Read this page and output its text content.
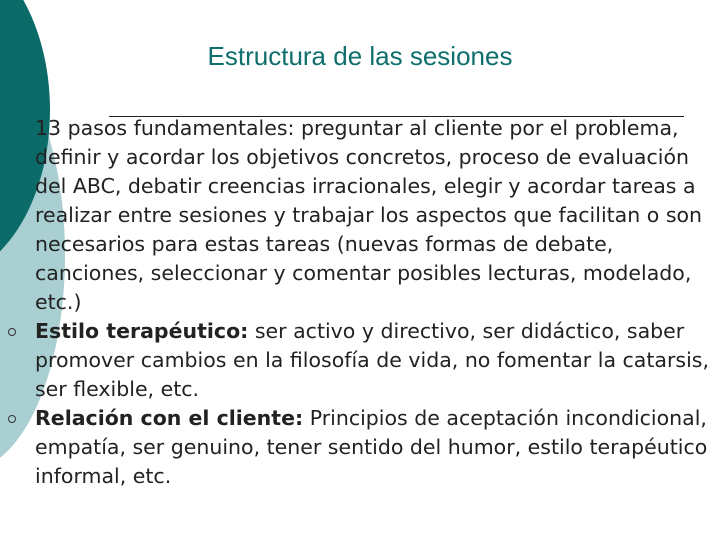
Estructura de las sesiones
13 pasos fundamentales: preguntar al cliente por el problema, definir y acordar los objetivos concretos, proceso de evaluación del ABC, debatir creencias irracionales, elegir y acordar tareas a realizar entre sesiones y trabajar los aspectos que facilitan o son necesarios para estas tareas (nuevas formas de debate, canciones, seleccionar y comentar posibles lecturas, modelado, etc.)
Estilo terapéutico: ser activo y directivo, ser didáctico, saber promover cambios en la filosofía de vida, no fomentar la catarsis, ser flexible, etc.
Relación con el cliente: Principios de aceptación incondicional, empatía, ser genuino, tener sentido del humor, estilo terapéutico informal, etc.
